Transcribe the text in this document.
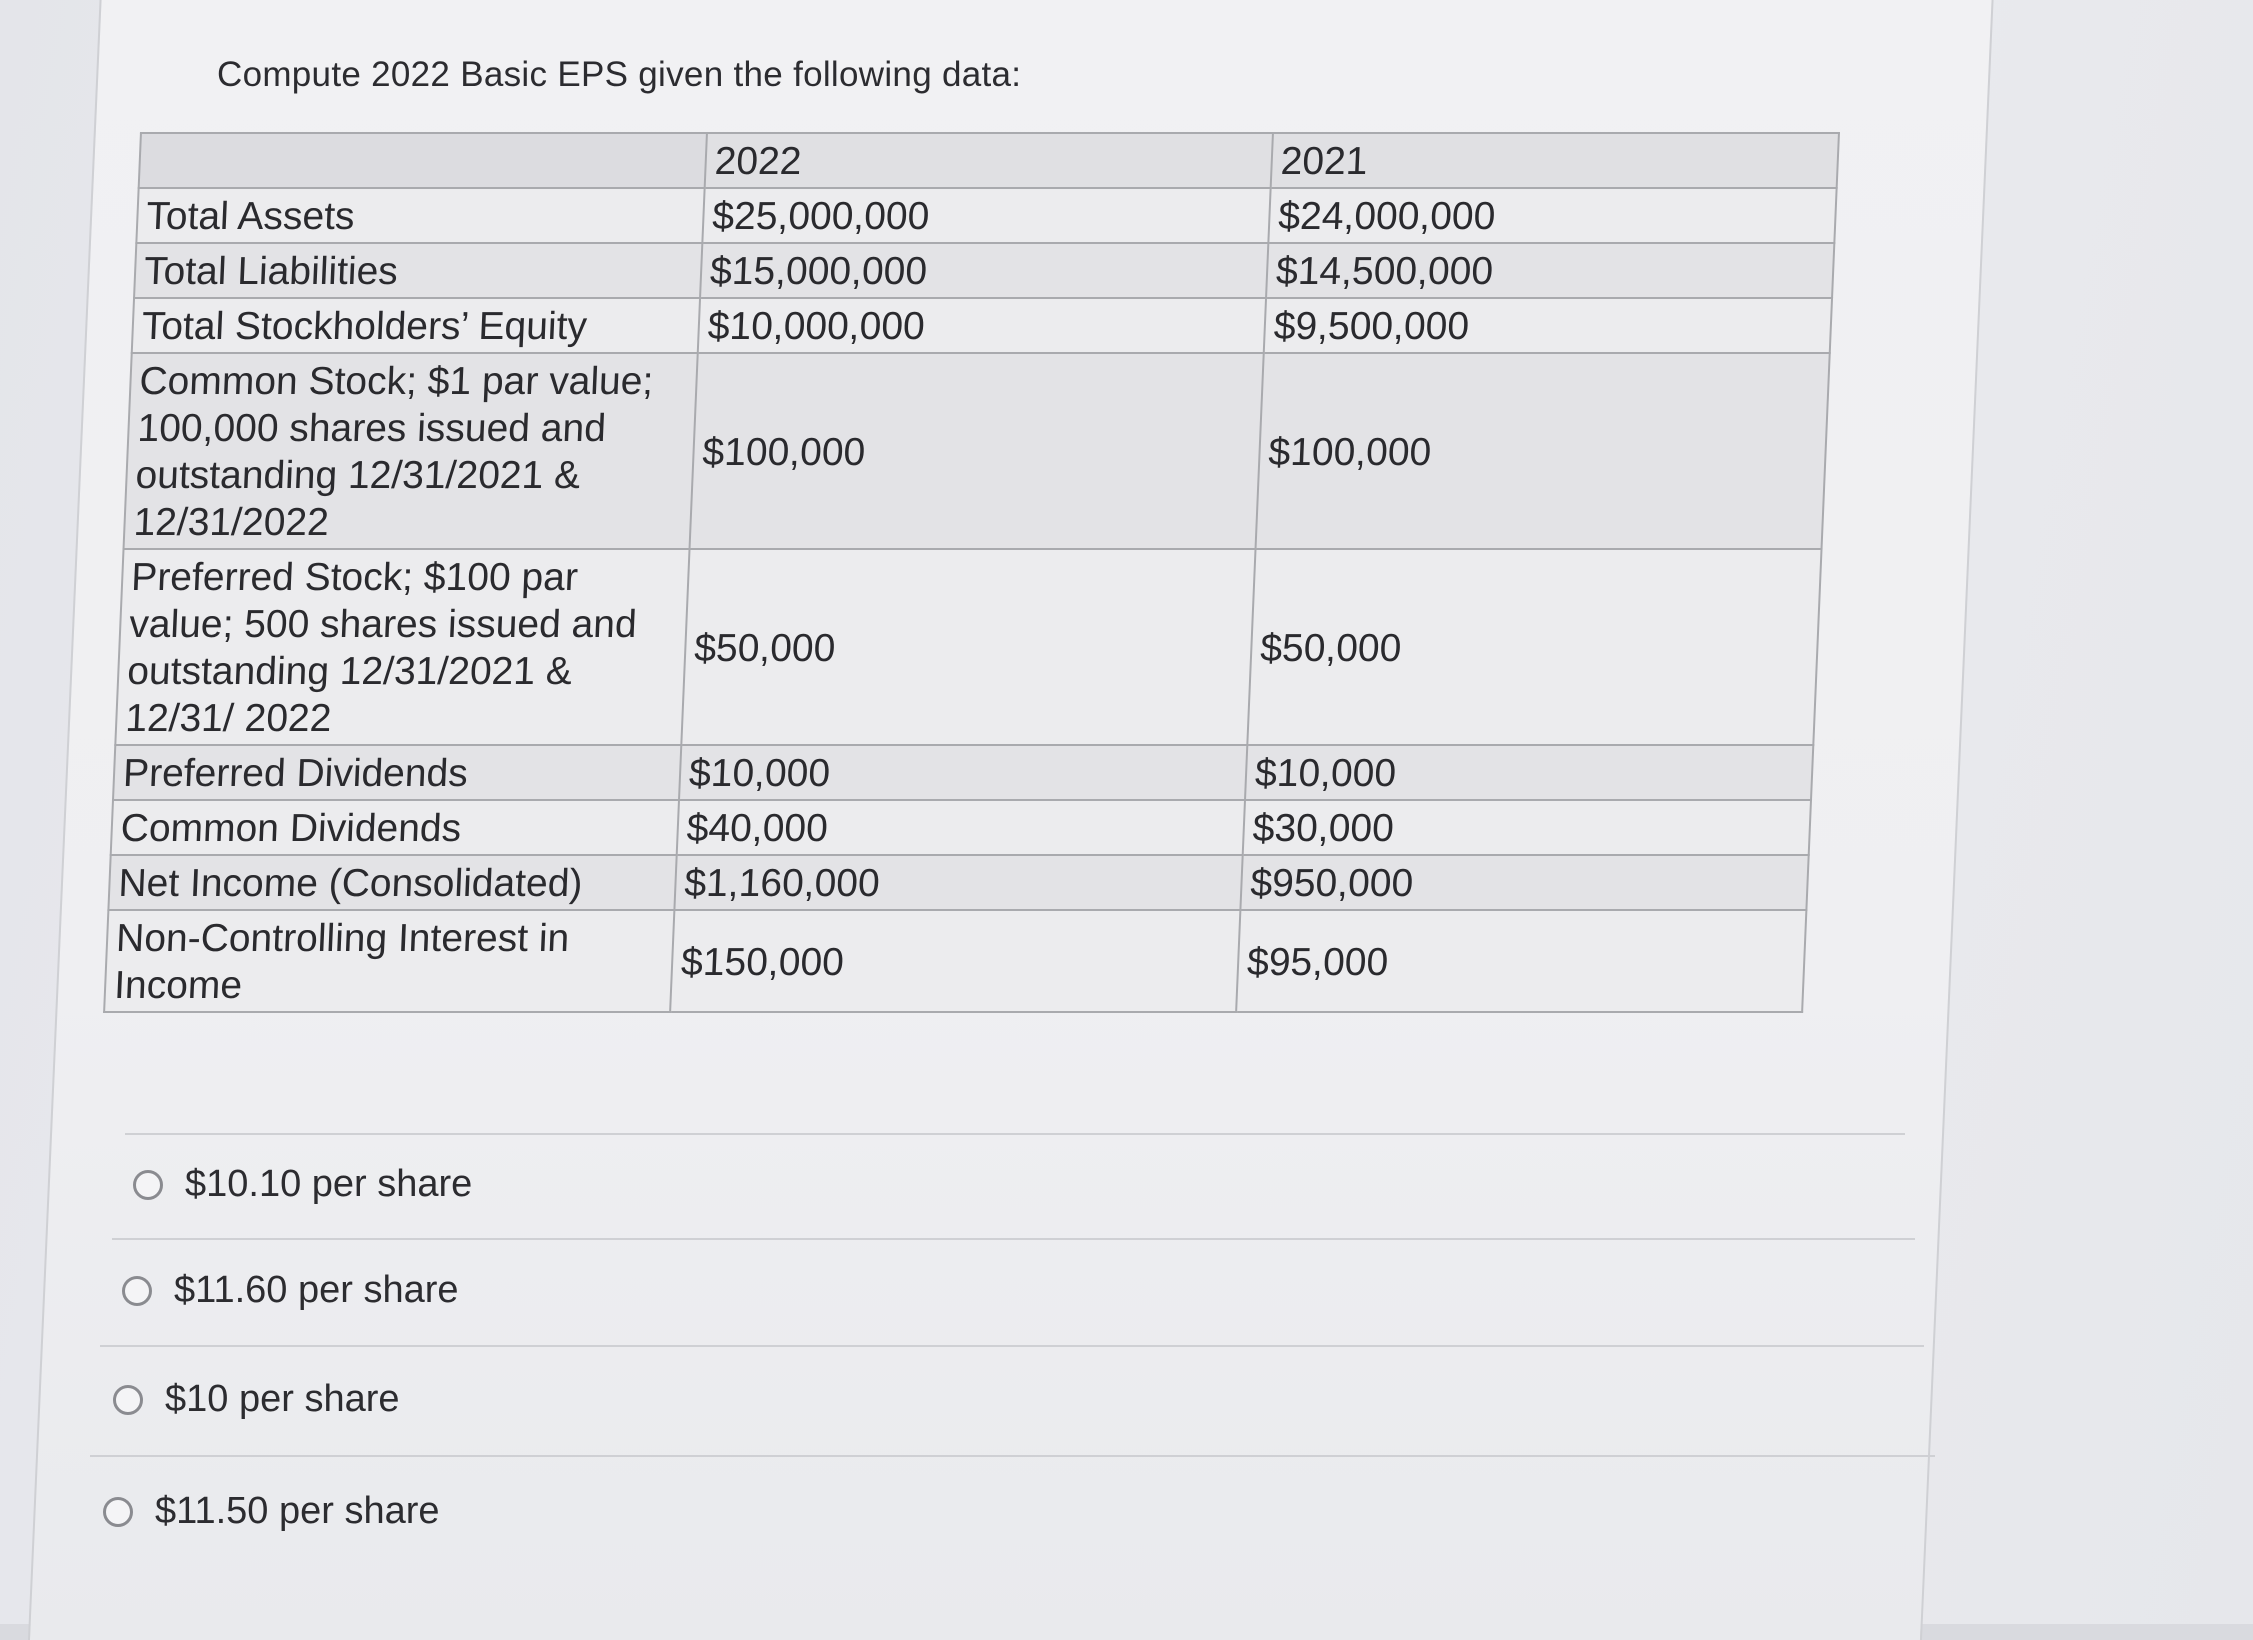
Compute 2022 Basic EPS given the following data:
	2022	2021
Total Assets	$25,000,000	$24,000,000
Total Liabilities	$15,000,000	$14,500,000
Total Stockholders’ Equity	$10,000,000	$9,500,000

Common Stock; $1 par value;
100,000 shares issued and
outstanding 12/31/2021 &
12/31/2022	$100,000	$100,000

Preferred Stock; $100 par
value; 500 shares issued and
outstanding 12/31/2021 &
12/31/ 2022	$50,000	$50,000
Preferred Dividends	$10,000	$10,000
Common Dividends	$40,000	$30,000
Net Income (Consolidated)	$1,160,000	$950,000

Non-Controlling Interest in
Income	$150,000	$95,000
$10.10 per share
$11.60 per share
$10 per share
$11.50 per share
